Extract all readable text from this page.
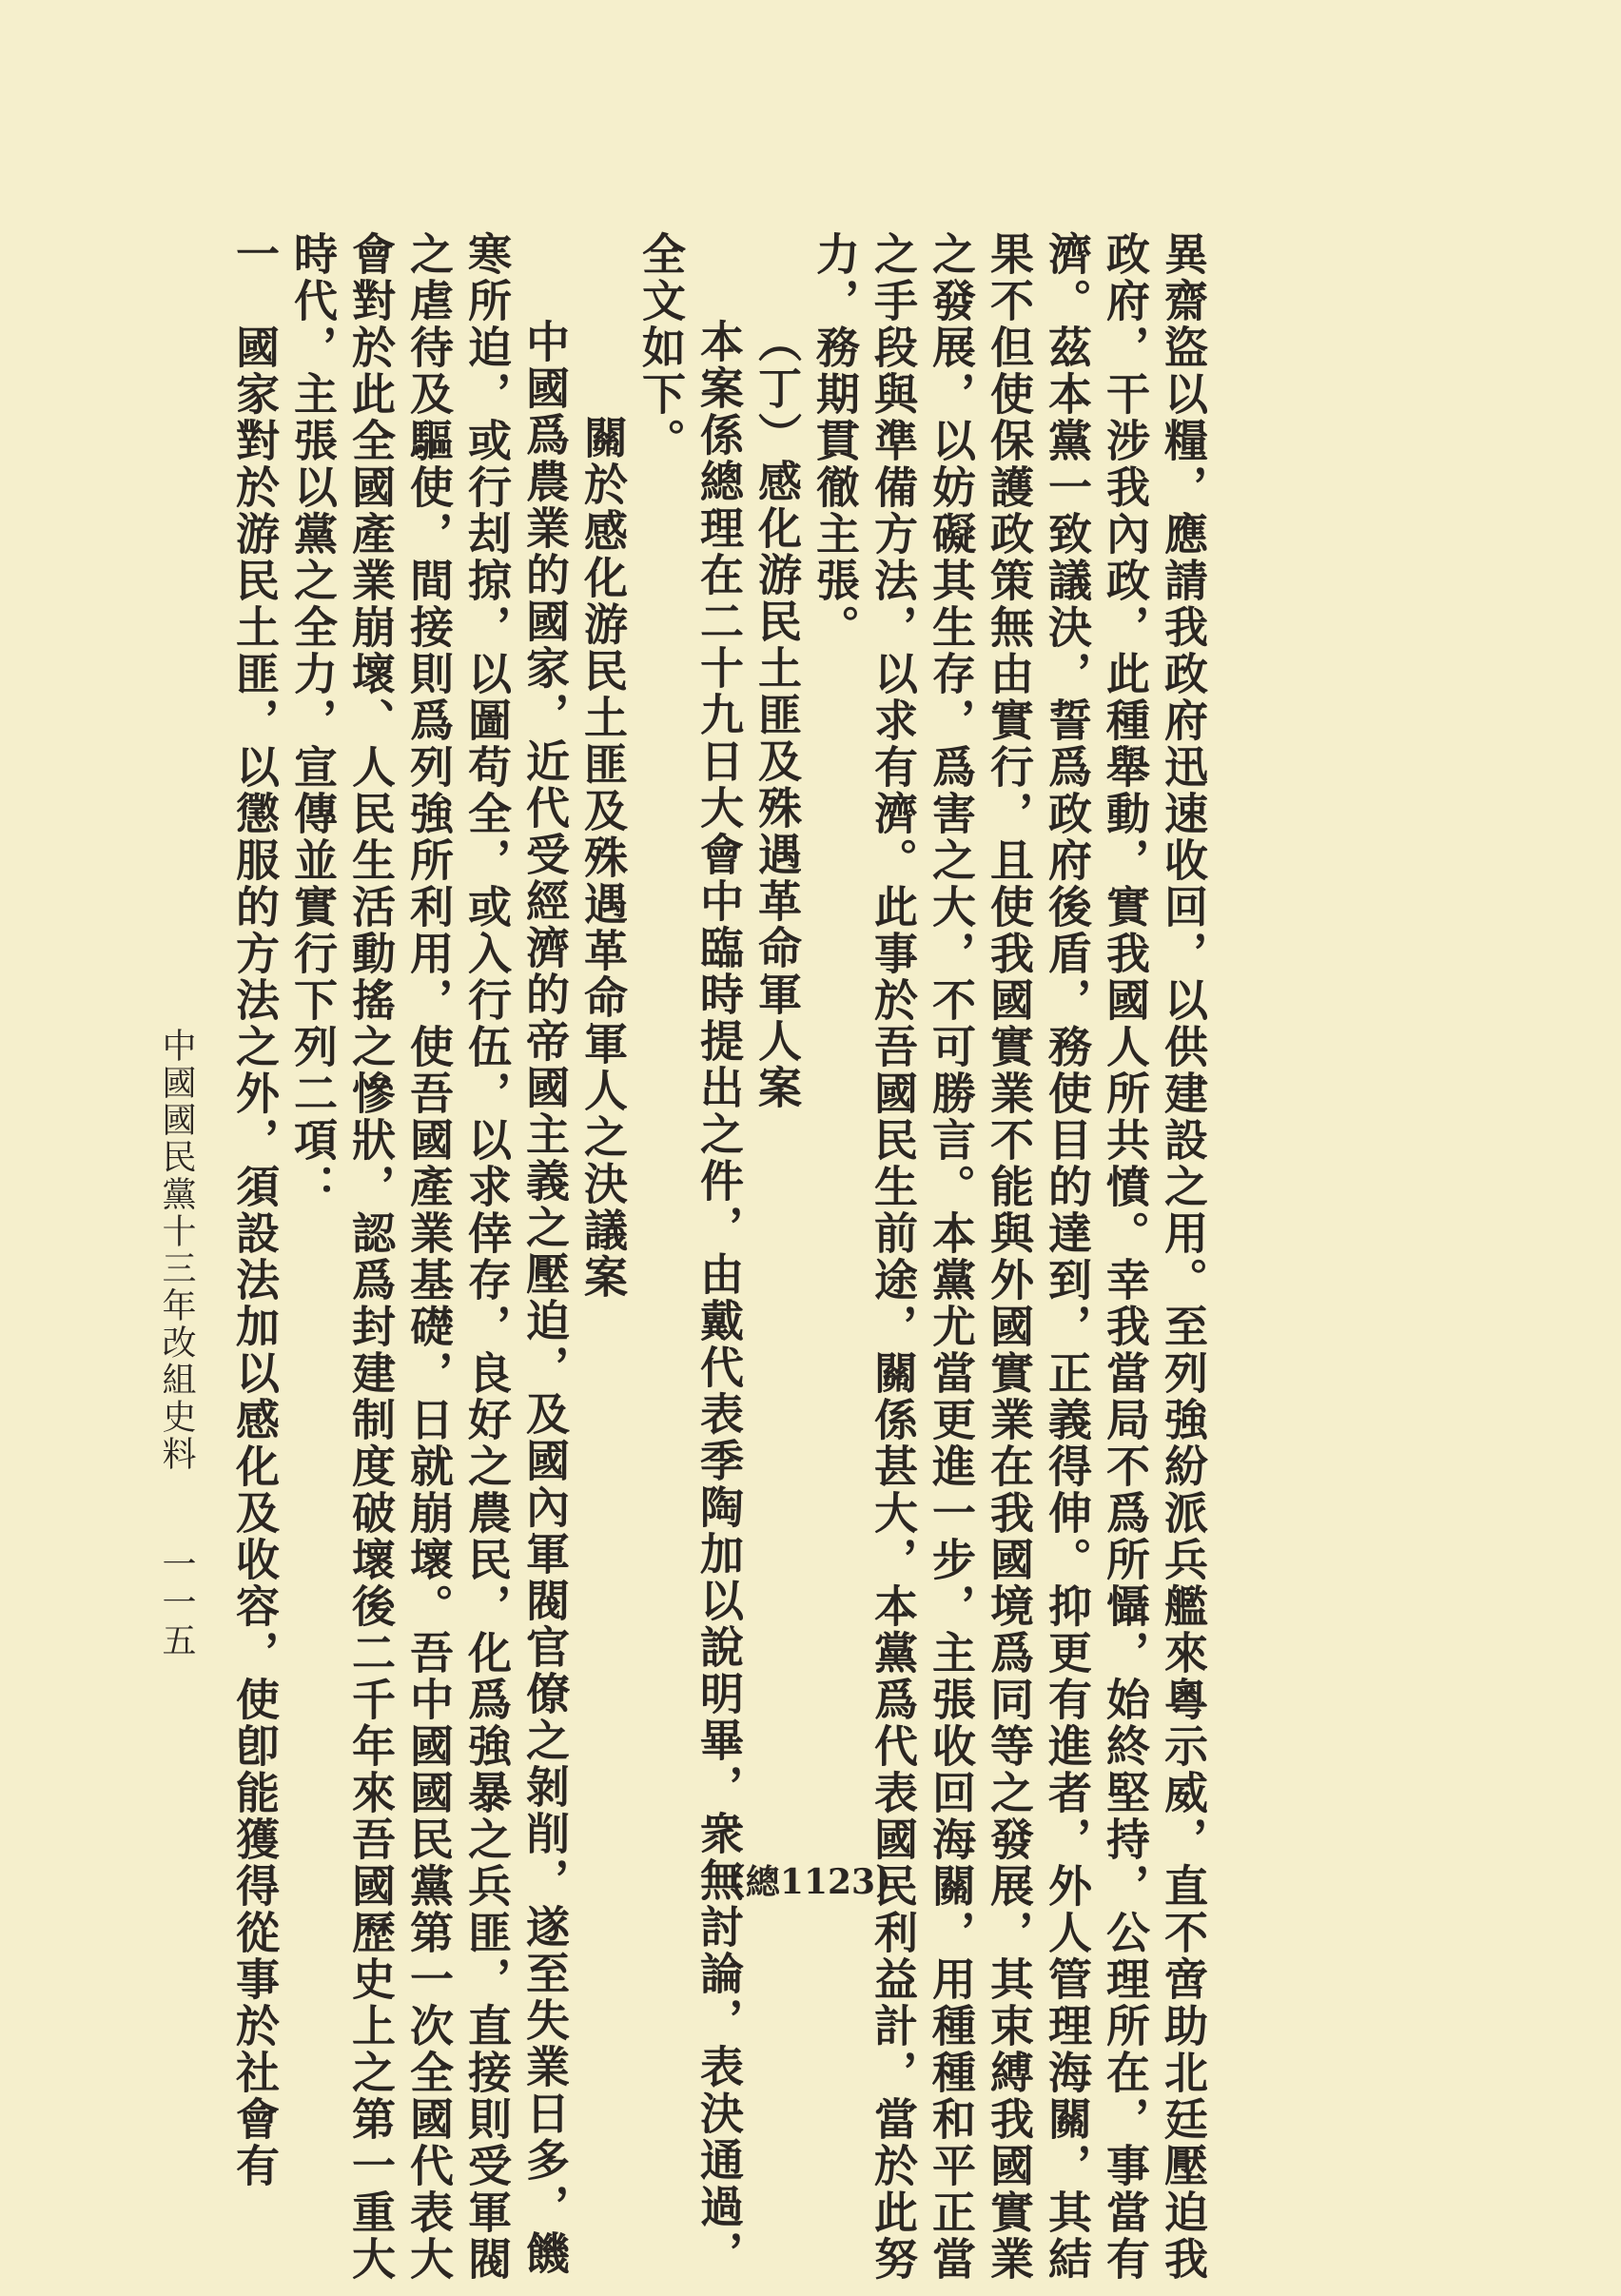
異齋盜以糧，應請我政府迅速收回，以供建設之用。至列強紛派兵艦來粵示威，直不啻助北廷壓迫我

政府，干涉我內政，此種舉動，實我國人所共憤。幸我當局不爲所懾，始終堅持，公理所在，事當有

濟。茲本黨一致議決，誓爲政府後盾，務使目的達到，正義得伸。抑更有進者，外人管理海關，其結

果不但使保護政策無由實行，且使我國實業不能與外國實業在我國境爲同等之發展，其束縛我國實業

之發展，以妨礙其生存，爲害之大，不可勝言。本黨尤當更進一步，主張收回海關，用種種和平正當

之手段與準備方法，以求有濟。此事於吾國民生前途，關係甚大，本黨爲代表國民利益計，當於此努

力，務期貫徹主張。

（丁）感化游民土匪及殊遇革命軍人案

本案係總理在二十九日大會中臨時提出之件，由戴代表季陶加以說明畢，衆無討論，表決通過，

全文如下。

關於感化游民土匪及殊遇革命軍人之決議案

中國爲農業的國家，近代受經濟的帝國主義之壓迫，及國內軍閥官僚之剝削，遂至失業日多，饑

寒所迫，或行刦掠，以圖苟全，或入行伍，以求倖存，良好之農民，化爲強暴之兵匪，直接則受軍閥

之虐待及驅使，間接則爲列強所利用，使吾國產業基礎，日就崩壞。吾中國國民黨第一次全國代表大

會對於此全國產業崩壞、人民生活動搖之慘狀，認爲封建制度破壞後二千年來吾國歷史上之第一重大

時代，主張以黨之全力，宣傳並實行下列二項：

一　國家對於游民土匪，以懲服的方法之外，須設法加以感化及收容，使卽能獲得從事於社會有

中國國民黨十三年改組史料
一一五
（總1123）
